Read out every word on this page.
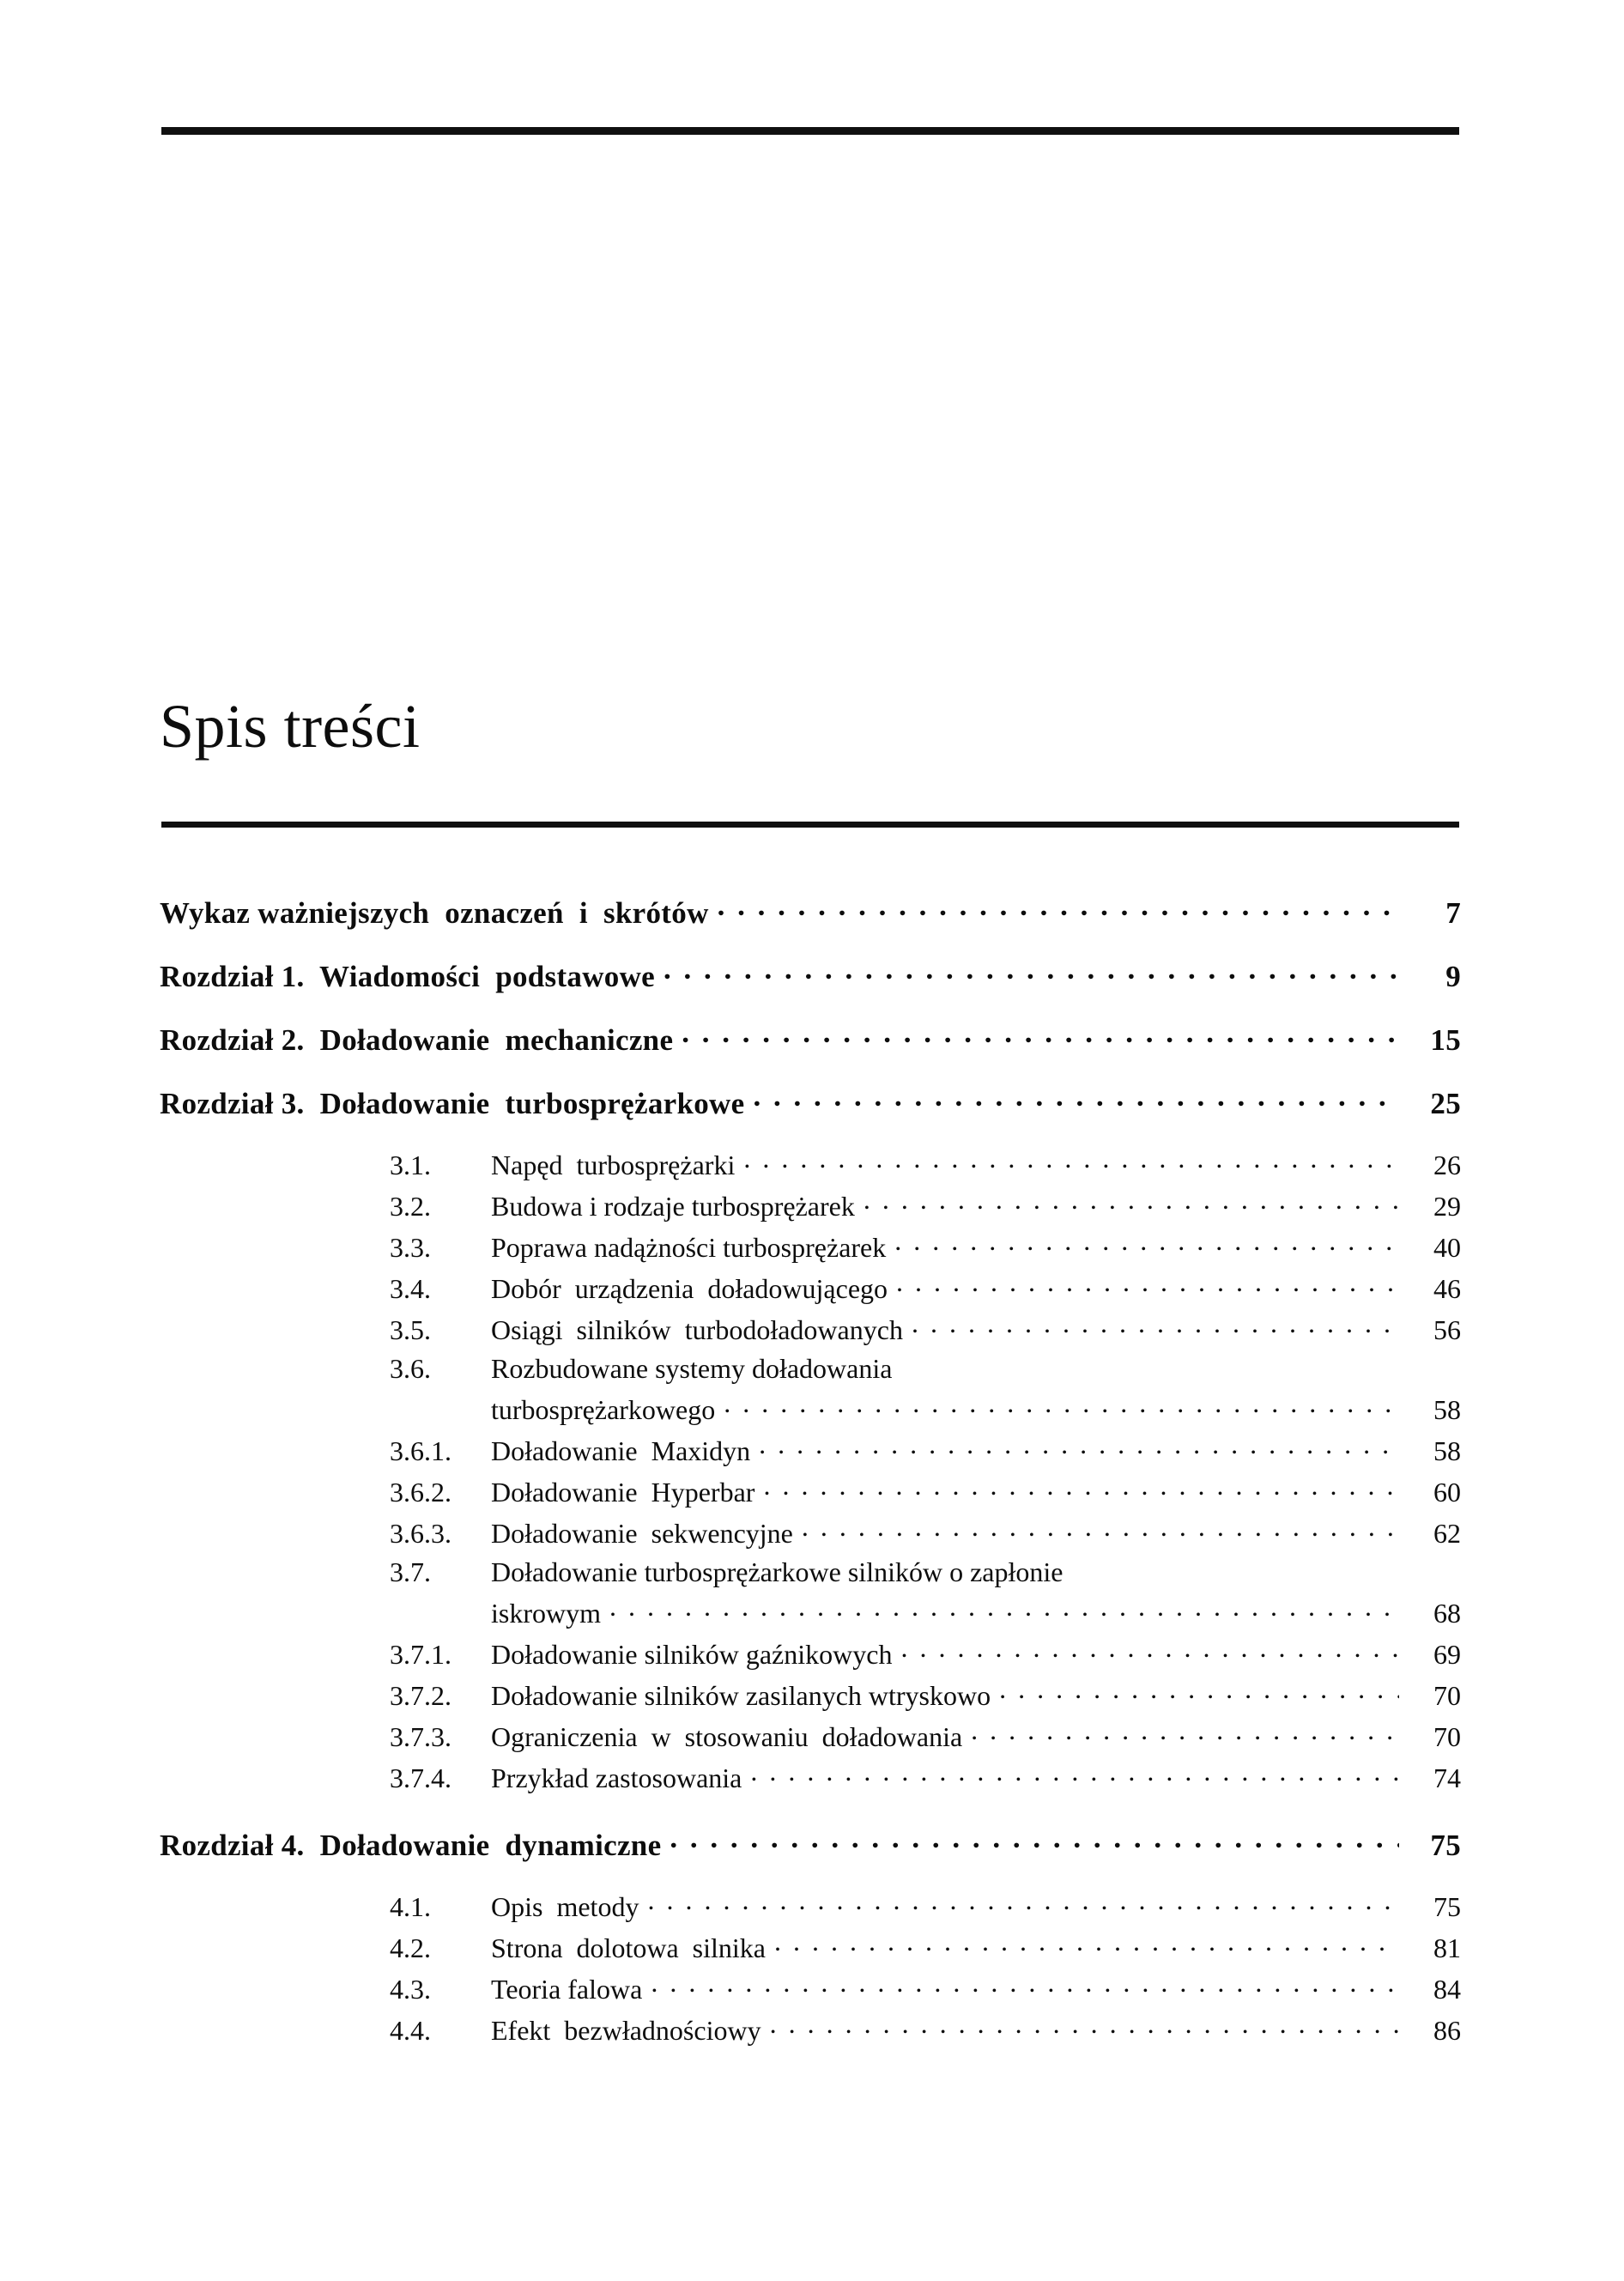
Spis treści
Wykaz ważniejszych  oznaczeń  i  skrótów . . .	7
Rozdział 1.  Wiadomości  podstawowe . . .	9
Rozdział 2.  Doładowanie  mechaniczne . . .	15
Rozdział 3.  Doładowanie  turbosprężarkowe . . .	25
3.1.	Napęd  turbosprężarki . . .	26
3.2.	Budowa i rodzaje turbosprężarek . . .	29
3.3.	Poprawa nadążności turbosprężarek . . .	40
3.4.	Dobór  urządzenia  doładowującego . . .	46
3.5.	Osiągi  silników  turbodoładowanych . . .	56
3.6.	Rozbudowane systemy doładowania
turbosprężarkowego . . .	58
3.6.1.	Doładowanie  Maxidyn . . .	58
3.6.2.	Doładowanie  Hyperbar . . .	60
3.6.3.	Doładowanie  sekwencyjne . . .	62
3.7.	Doładowanie turbosprężarkowe silników o zapłonie
iskrowym . . .	68
3.7.1.	Doładowanie silników gaźnikowych . . .	69
3.7.2.	Doładowanie silników zasilanych wtryskowo . . .	70
3.7.3.	Ograniczenia  w  stosowaniu  doładowania . . .	70
3.7.4.	Przykład zastosowania . . .	74
Rozdział 4.  Doładowanie  dynamiczne . . .	75
4.1.	Opis  metody . . .	75
4.2.	Strona  dolotowa  silnika . . .	81
4.3.	Teoria falowa . . .	84
4.4.	Efekt  bezwładnościowy . . .	86
